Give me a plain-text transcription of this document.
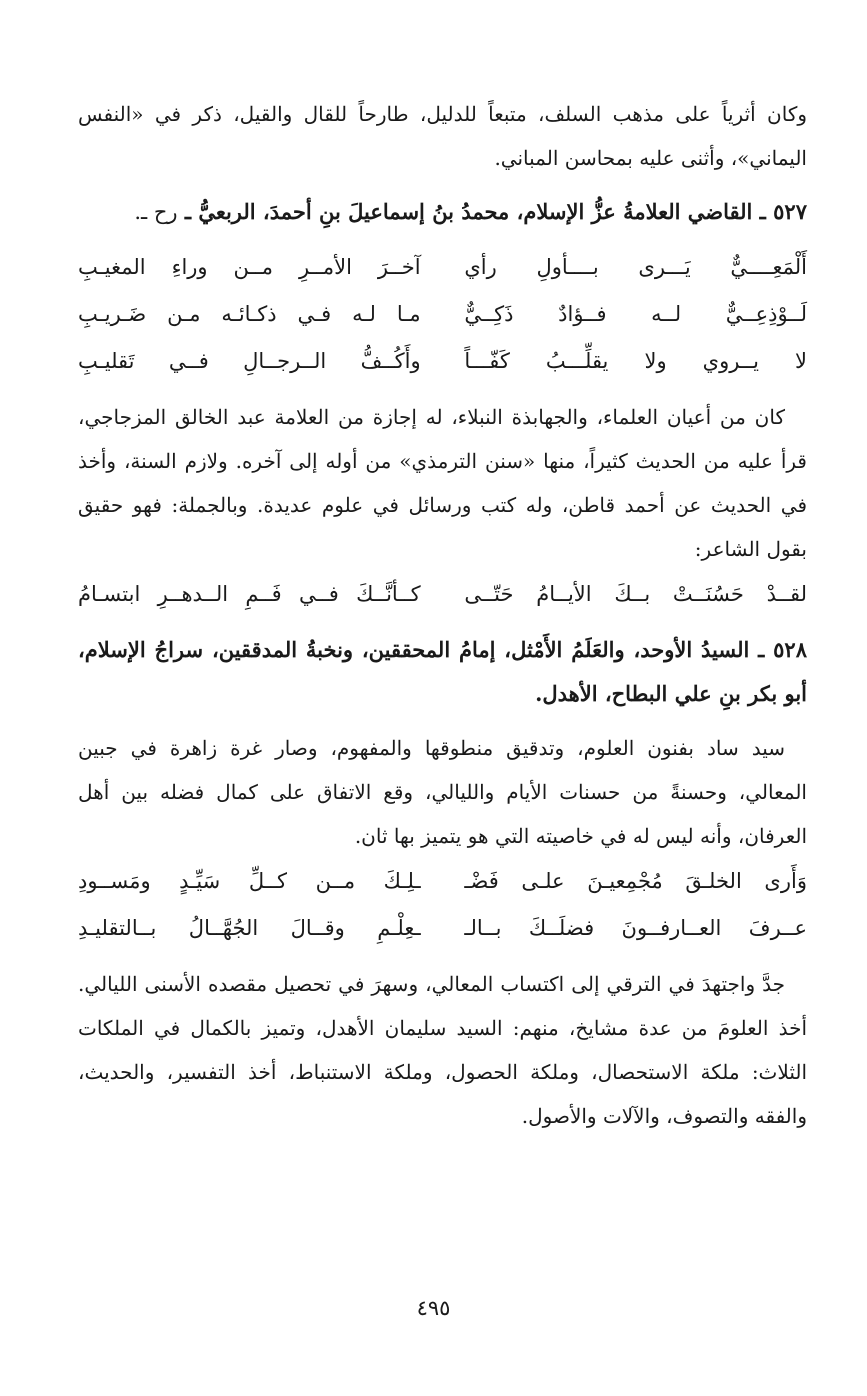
وكان أثرياً على مذهب السلف، متبعاً للدليل، طارحاً للقال والقيل، ذكر في «النفس اليماني»، وأثنى عليه بمحاسن المباني.

٥٢٧ ـ القاضي العلامةُ عزُّ الإسلام، محمدُ بنُ إسماعيلَ بنِ أحمدَ، الربعيُّ ـ رح ـ.
أَلْمَعِــــيٌّ يَـــرى بــــأولِ رأي
آخــرَ الأمــرِ مــن وراءِ المغيـبِ
لَــوْذِعِــيٌّ لــه فــؤادٌ ذَكِــيٌّ
مـا لـه فـي ذكـائـه مـن ضَـريـبِ
لا يــروي ولا يقلِّـــبُ كَفّـــاً
وأَكُــفُّ الــرجــالِ فــي تَقليـبِ

كان من أعيان العلماء، والجهابذة النبلاء، له إجازة من العلامة عبد الخالق المزجاجي، قرأ عليه من الحديث كثيراً، منها «سنن الترمذي» من أوله إلى آخره. ولازم السنة، وأخذ في الحديث عن أحمد قاطن، وله كتب ورسائل في علوم عديدة. وبالجملة: فهو حقيق بقول الشاعر:

لقــدْ حَسُنَــتْ بــكَ الأيــامُ حَتّــى
كــأنَّــكَ فــي فَــمِ الــدهــرِ ابتسـامُ

٥٢٨ ـ السيدُ الأوحد، والعَلَمُ الأَمْثل، إمامُ المحققين، ونخبةُ المدققين، سراجُ الإسلام، أبو بكر بنِ علي البطاح، الأهدل.

سيد ساد بفنون العلوم، وتدقيق منطوقها والمفهوم، وصار غرة زاهرة في جبين المعالي، وحسنةً من حسنات الأيام والليالي، وقع الاتفاق على كمال فضله بين أهل العرفان، وأنه ليس له في خاصيته التي هو يتميز بها ثان.

وَأَرى الخلـقَ مُجْمِعيـنَ علـى فَضْـ
ـلِـكَ مــن كــلِّ سَيِّـدٍ ومَســودِ
عــرفَ العــارفــونَ فضلَــكَ بــالـ
ـعِلْـمِ وقــالَ الجُهَّــالُ بــالتقليـدِ

جدَّ واجتهدَ في الترقي إلى اكتساب المعالي، وسهرَ في تحصيل مقصده الأسنى الليالي. أخذ العلومَ من عدة مشايخ، منهم: السيد سليمان الأهدل، وتميز بالكمال في الملكات الثلاث: ملكة الاستحصال، وملكة الحصول، وملكة الاستنباط، أخذ التفسير، والحديث، والفقه والتصوف، والآلات والأصول.

٤٩٥
